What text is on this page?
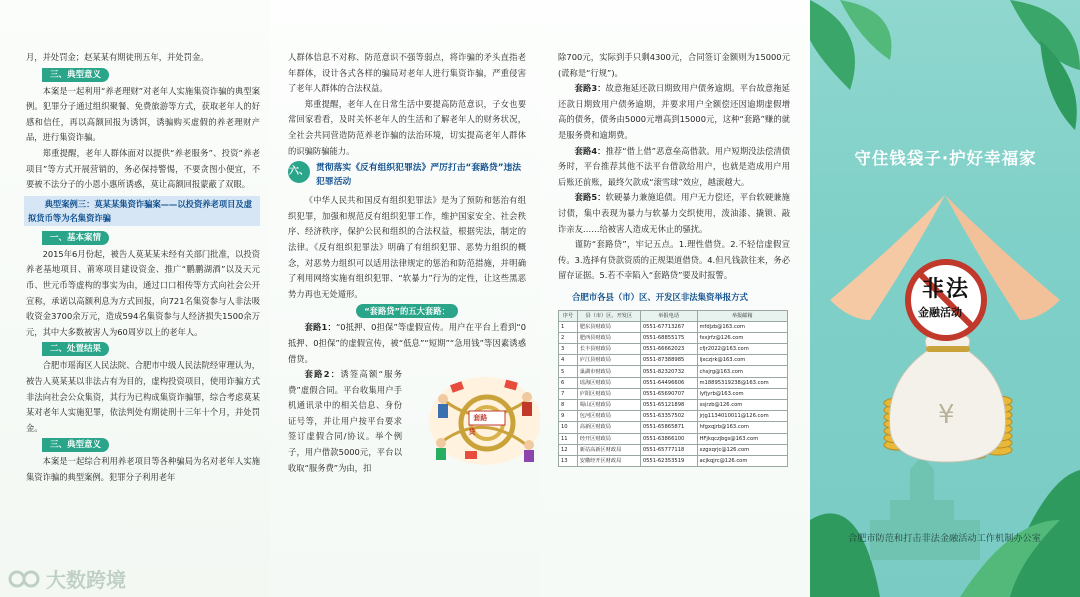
月，并处罚金；赵某某有期徒刑五年，并处罚金。
三、典型意义
本案是一起利用“养老理财”对老年人实施集资诈骗的典型案例。犯罪分子通过组织聚餐、免费旅游等方式，获取老年人的好感和信任，再以高额回报为诱饵，诱骗购买虚假的养老理财产品，进行集资诈骗。
郑重提醒，老年人群体面对以提供“养老服务”、投资“养老项目”等方式开展营销的，务必保持警惕，不要贪图小便宜，不要被不法分子的小恩小惠所诱惑，莫让高额回报蒙蔽了双眼。
典型案例三：莫某某集资诈骗案——以投资养老项目及虚拟货币等为名集资诈骗
一、基本案情
2015年6月份起，被告人莫某某未经有关部门批准，以投资养老基地项目、莆寒项目建设资金、推广“鹏鹏湖酒”以及天元币、世元币等虚构的事实为由，通过口口相传等方式向社会公开宣称，承诺以高额利息为方式回报，向721名集资参与人非法吸收资金3700余万元，造成594名集资参与人经济损失1500余万元，其中大多数被害人为60周岁以上的老年人。
二、处置结果
合肥市瑶海区人民法院、合肥市中级人民法院经审理认为，被告人莫某某以非法占有为目的，虚构投资项目，使用诈骗方式非法向社会公众集资，其行为已构成集资诈骗罪，综合考虑莫某某对老年人实施犯罪，依法判处有期徒刑十三年十个月，并处罚金。
三、典型意义
本案是一起综合利用养老项目等各种骗局为名对老年人实施集资诈骗的典型案例。犯罪分子利用老年
人群体信息不对称、防范意识不强等弱点，将诈骗的矛头直指老年群体，设计各式各样的骗局对老年人进行集资诈骗，严重侵害了老年人群体的合法权益。
郑重提醒，老年人在日常生活中要提高防范意识，子女也要常回家看看，及时关怀老年人的生活和了解老年人的财务状况，全社会共同营造防范养老诈骗的法治环境，切实提高老年人群体的识骗防骗能力。
六、 贯彻落实《反有组织犯罪法》严厉打击“套路贷”违法犯罪活动
《中华人民共和国反有组织犯罪法》是为了预防和惩治有组织犯罪，加强和规范反有组织犯罪工作，维护国家安全、社会秩序、经济秩序，保护公民和组织的合法权益，根据宪法，制定的法律。《反有组织犯罪法》明确了有组织犯罪、恶势力组织的概念，对恶势力组织可以适用法律规定的惩治和防范措施，并明确了利用网络实施有组织犯罪、“软暴力”行为的定性，让这些黑恶势力再也无处遁形。
“套路贷”的五大套路：
套路1：“0抵押、0担保”等虚假宣传。用户在平台上看到“0抵押、0担保”的虚假宣传，被“低息”“短期”“急用钱”等因素诱惑借贷。
套路贷
套路2：诱签高额“服务费”虚假合同。平台收集用户手机通讯录中的相关信息、身份证号等，并让用户按平台要求签订虚假合同/协议。举个例子，用户借款5000元，平台以收取“服务费”为由，扣
除700元，实际到手只剩4300元，合同签订金额则为15000元(谎称是“行规”)。
套路3：故意拖延还款日期致用户债务逾期。平台故意拖延还款日期致用户债务逾期，并要求用户全额偿还因逾期虚假增高的债务，债务由5000元增高到15000元，这种“套路”赚的就是服务费和逾期费。
套路4：推荐“借上借”恶意垒高借款。用户短期没法偿清债务时，平台推荐其他不法平台借款给用户，也就是造成用户用后账还前账，最终欠款成“滚雪球”效应，越滚越大。
套路5：软硬暴力兼施追债。用户无力偿还，平台软硬兼施讨债，集中表现为暴力与软暴力交织使用，泼油漆、撬锁、敲诈亲友……给被害人造成无休止的骚扰。
谨防“套路贷”，牢记五点。1.理性借贷。2.不轻信虚假宣传。3.选择有贷款资质的正规渠道借贷。4.但凡钱款往来，务必留存证据。5.若不幸陷入“套路贷”要及时报警。
合肥市各县（市）区、开发区非法集资举报方式
序号	县（市）区、开发区	举报电话	举报邮箱
1	肥东县财政局	0551-67713267	mfdjzb@163.com
2	肥西县财政局	0551-68855175	fxxjrfz@126.com
3	长丰县财政局	0551-66662023	cfjr2022@163.com
4	庐江县财政局	0551-87388985	ljxczjrk@163.com
5	巢湖市财政局	0551-82320732	chsjrg@163.com
6	瑶海区财政局	0551-64496606	m18895319238@163.com
7	庐阳区财政局	0551-65690707	lyfjyrb@163.com
8	蜀山区财政局	0551-65121898	ssjrzb@126.com
9	包河区财政局	0551-63357502	jrjg1134010011@126.com
10	高新区财政局	0551-65865871	hfgxqjrb@163.com
11	经开区财政局	0551-63866100	HFjkqczjbgs@163.com
12	新站高新区财政局	0551-65777118	xzgxqrjc@126.com
13	安徽经开区财政局	0551-62353519	acjkqjrc@126.com
非法
金融活动
¥
守住钱袋子·护好幸福家
合肥市防范和打击非法金融活动工作机制办公室
大数跨境
